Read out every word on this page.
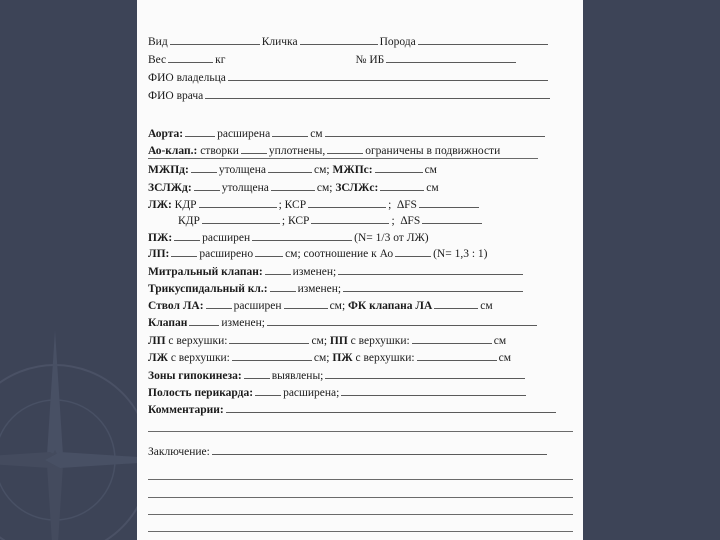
Вид	Кличка	Порода
Вес	кг	№ ИБ
ФИО владельца
ФИО врача
Аорта:	расширена	см
Ао-клап.: створки	уплотнены,	ограничены в подвижности
МЖПд:	утолщена	см; МЖПс:	см
ЗСЛЖд:	утолщена	см; ЗСЛЖс:	см
ЛЖ: КДР	; КСР	;  ∆FS
КДР	; КСР	;  ∆FS
ПЖ:	расширен	(N= 1/3 от ЛЖ)
ЛП:	расширено	см; соотношение к Ао	(N= 1,3 : 1)
Митральный клапан:	изменен;
Трикуспидальный кл.:	изменен;
Ствол ЛА:	расширен	см; ФК клапана ЛА	см
Клапан	изменен;
ЛП с верхушки:	см; ПП с верхушки:	см
ЛЖ с верхушки:	см; ПЖ с верхушки:	см
Зоны гипокинеза:	выявлены;
Полость перикарда:	расширена;
Комментарии:
Заключение:
